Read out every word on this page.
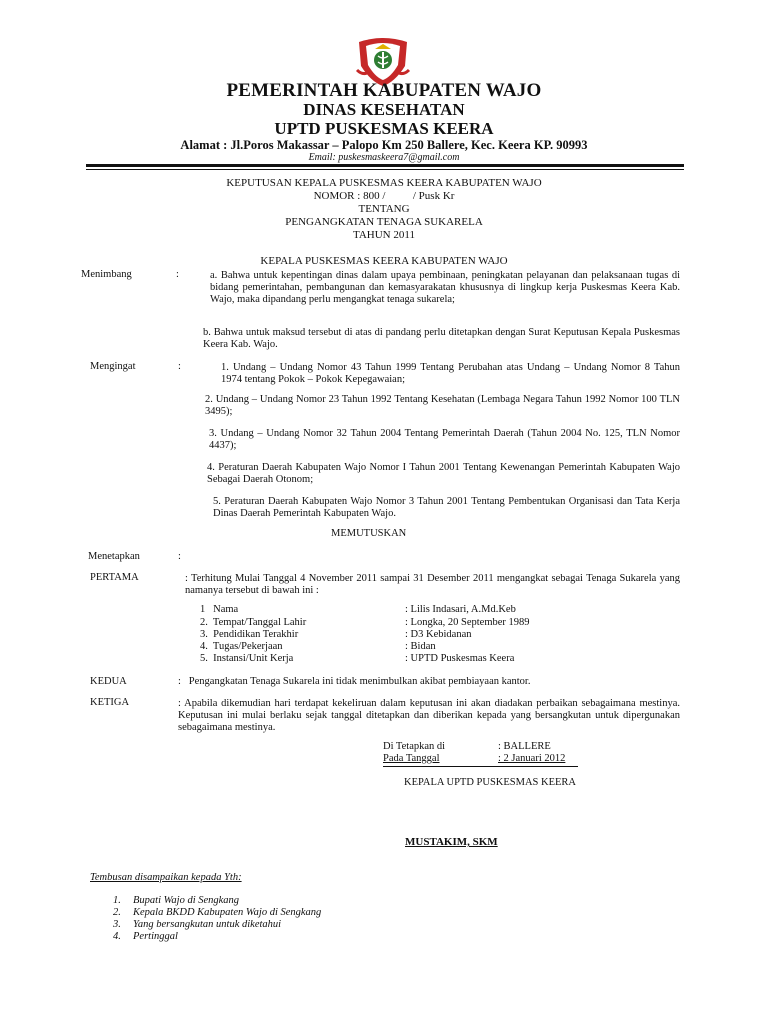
PEMERINTAH KABUPATEN WAJO
DINAS KESEHATAN
UPTD PUSKESMAS KEERA
Alamat : Jl.Poros Makassar – Palopo Km 250 Ballere, Kec. Keera KP. 90993
Email: puskesmaskeera7@gmail.com
KEPUTUSAN KEPALA PUSKESMAS KEERA KABUPATEN WAJO
NOMOR : 800 /          / Pusk Kr
TENTANG
PENGANGKATAN TENAGA SUKARELA
TAHUN 2011
KEPALA PUSKESMAS KEERA KABUPATEN WAJO
Menimbang	:	a. Bahwa untuk kepentingan dinas dalam upaya pembinaan, peningkatan pelayanan dan pelaksanaan tugas di bidang pemerintahan, pembangunan dan kemasyarakatan khususnya di lingkup kerja Puskesmas Keera Kab. Wajo, maka dipandang perlu mengangkat tenaga sukarela;
b. Bahwa untuk maksud tersebut di atas di pandang perlu ditetapkan dengan Surat Keputusan Kepala Puskesmas Keera Kab. Wajo.
Mengingat	:	1. Undang – Undang Nomor 43 Tahun 1999 Tentang Perubahan atas Undang – Undang Nomor 8 Tahun 1974 tentang Pokok – Pokok Kepegawaian;
2. Undang – Undang Nomor 23 Tahun 1992 Tentang Kesehatan (Lembaga Negara Tahun 1992 Nomor 100 TLN 3495);
3. Undang – Undang Nomor 32 Tahun 2004 Tentang Pemerintah Daerah (Tahun 2004 No. 125, TLN Nomor 4437);
4. Peraturan Daerah Kabupaten Wajo Nomor I Tahun 2001 Tentang Kewenangan Pemerintah Kabupaten Wajo Sebagai Daerah Otonom;
5. Peraturan Daerah Kabupaten Wajo Nomor 3 Tahun 2001 Tentang Pembentukan Organisasi dan Tata Kerja Dinas Daerah Pemerintah Kabupaten Wajo.
MEMUTUSKAN
Menetapkan	:
PERTAMA	: Terhitung Mulai Tanggal 4 November 2011 sampai 31 Desember 2011 mengangkat sebagai Tenaga Sukarela yang namanya tersebut di bawah ini :
1   Nama	: Lilis Indasari, A.Md.Keb
2.  Tempat/Tanggal Lahir	: Longka, 20 September 1989
3.  Pendidikan Terakhir	: D3 Kebidanan
4.  Tugas/Pekerjaan	: Bidan
5.  Instansi/Unit Kerja	: UPTD Puskesmas Keera
KEDUA	:   Pengangkatan Tenaga Sukarela ini tidak menimbulkan akibat pembiayaan kantor.
KETIGA	: Apabila dikemudian hari terdapat kekeliruan dalam keputusan ini akan diadakan perbaikan sebagaimana mestinya. Keputusan ini mulai berlaku sejak tanggal ditetapkan dan diberikan kepada yang bersangkutan untuk dipergunakan sebagaimana mestinya.
Di Tetapkan di	: BALLERE
Pada Tanggal	: 2 Januari 2012
KEPALA UPTD PUSKESMAS KEERA
MUSTAKIM, SKM
Tembusan disampaikan kepada Yth:
1. Bupati Wajo di Sengkang
2. Kepala BKDD Kabupaten Wajo di Sengkang
3. Yang bersangkutan untuk diketahui
4. Pertinggal
